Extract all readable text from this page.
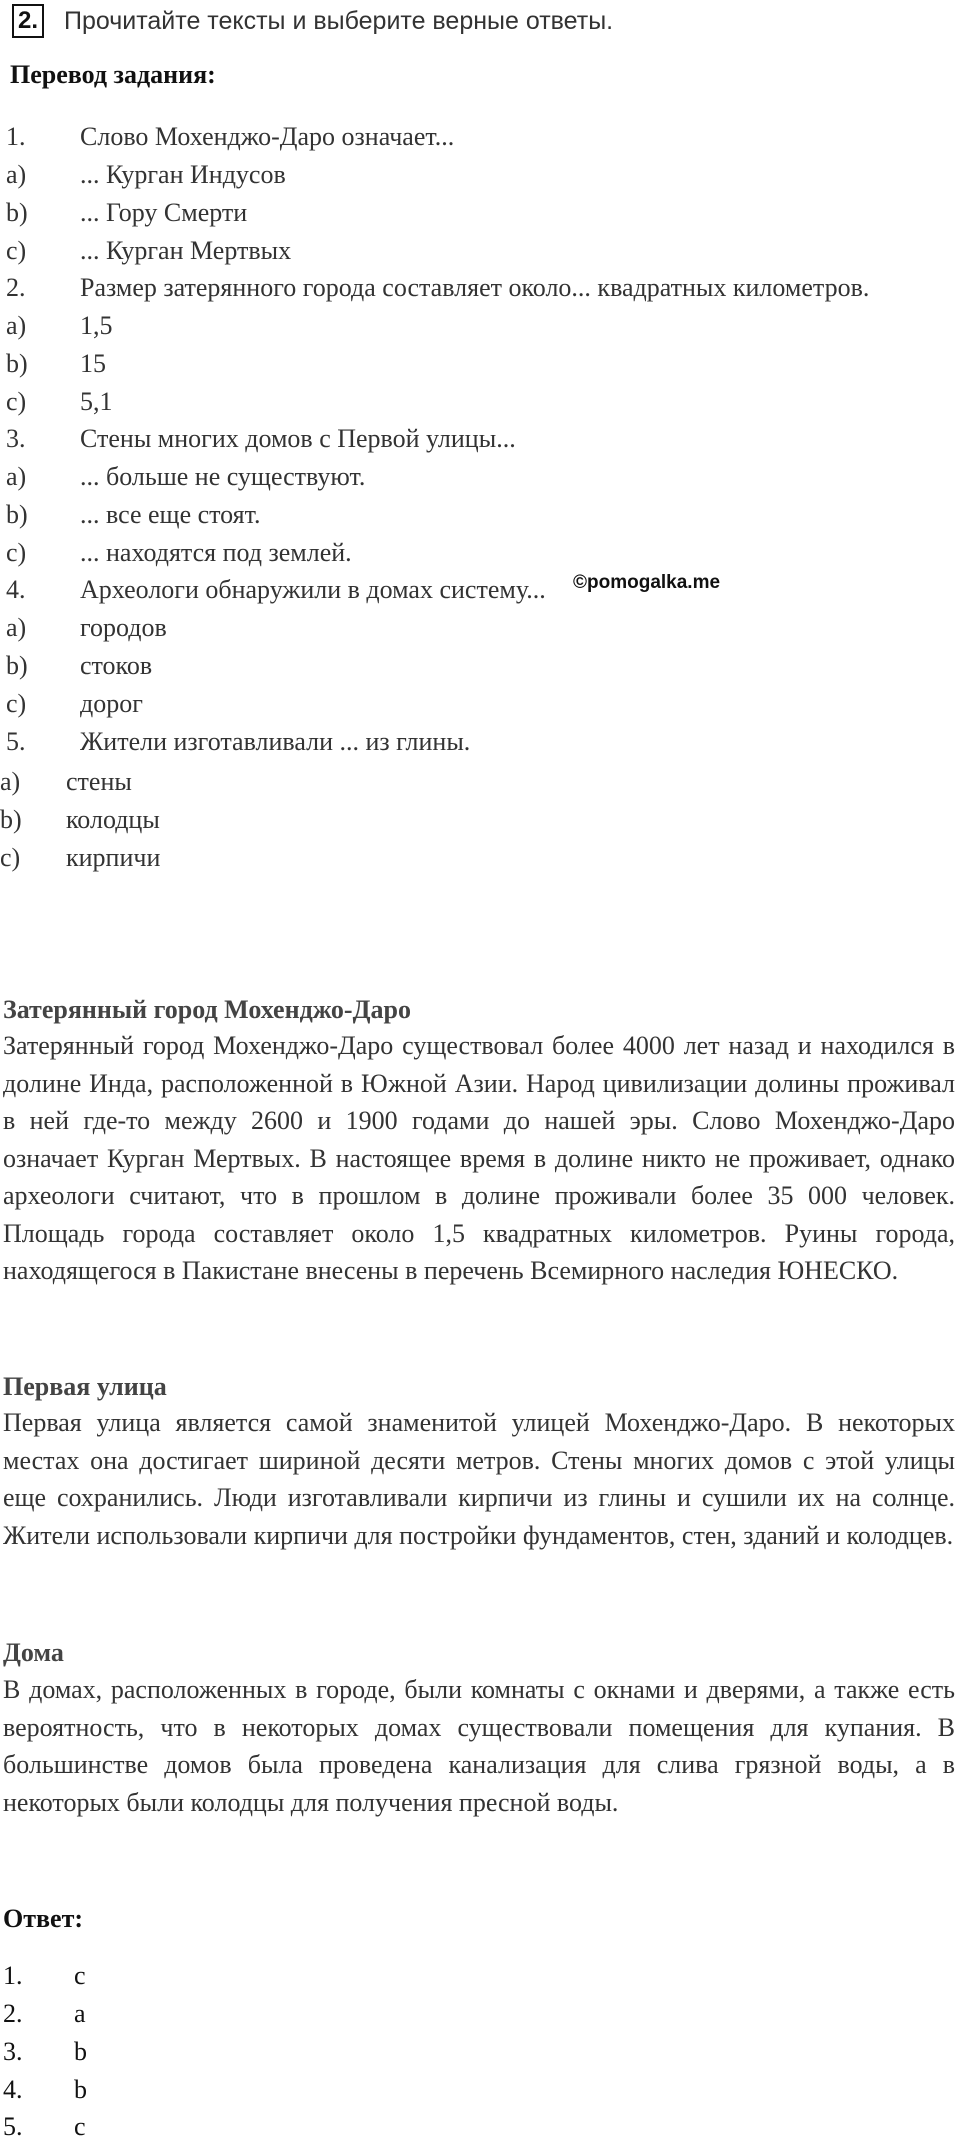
2. Прочитайте тексты и выберите верные ответы.
Перевод задания:
1. Слово Мохенджо-Даро означает...
a) ... Курган Индусов
b) ... Гору Смерти
c) ... Курган Мертвых
2. Размер затерянного города составляет около... квадратных километров.
a) 1,5
b) 15
c) 5,1
3. Стены многих домов с Первой улицы...
a) ... больше не существуют.
b) ... все еще стоят.
c) ... находятся под землей.
4. Археологи обнаружили в домах систему...
a) городов
b) стоков
c) дорог
5. Жители изготавливали ... из глины.
a) стены
b) колодцы
c) кирпичи
©pomogalka.me
Затерянный город Мохенджо-Даро

Затерянный город Мохенджо-Даро существовал более 4000 лет назад и находился в долине Инда, расположенной в Южной Азии. Народ цивилизации долины проживал в ней где-то между 2600 и 1900 годами до нашей эры. Слово Мохенджо-Даро означает Курган Мертвых. В настоящее время в долине никто не проживает, однако археологи считают, что в прошлом в долине проживали более 35 000 человек. Площадь города составляет около 1,5 квадратных километров. Руины города, находящегося в Пакистане внесены в перечень Всемирного наследия ЮНЕСКО.

Первая улица

Первая улица является самой знаменитой улицей Мохенджо-Даро. В некоторых местах она достигает шириной десяти метров. Стены многих домов с этой улицы еще сохранились. Люди изготавливали кирпичи из глины и сушили их на солнце. Жители использовали кирпичи для постройки фундаментов, стен, зданий и колодцев.

Дома

В домах, расположенных в городе, были комнаты с окнами и дверями, а также есть вероятность, что в некоторых домах существовали помещения для купания. В большинстве домов была проведена канализация для слива грязной воды, а в некоторых были колодцы для получения пресной воды.

Ответ:
1. c
2. a
3. b
4. b
5. c
